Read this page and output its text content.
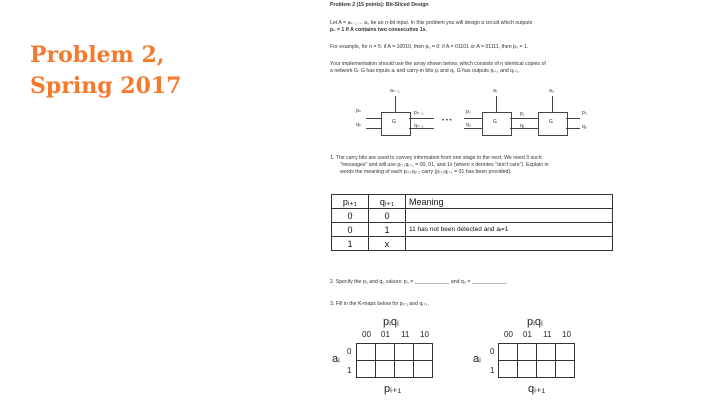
Problem 2,
Spring 2017
Problem 2 (15 points): Bit-Sliced Design
Let A = aₙ₋₁ ... a₀ be an n-bit input. In this problem you will design a circuit which outputs
p₀ = 1 if A contains two consecutive 1s.
For example, for n = 5: if A = 10010, then p₀ = 0; if A = 01101 or A = 01111, then p₀ = 1.
Your implementation should use the array shown below, which consists of n identical copies of
a network G. G has inputs aᵢ and carry-in bits pᵢ and qᵢ. G has outputs pᵢ₊₁ and qᵢ₊₁.
G	G	G
aₙ₋₁	aᵢ	a₀
pₙ
qₙ
pₙ₋₁
qₙ₋₁
• • •
p₂
q₂
p₁
q₁
p₀
q₀
1. The carry bits are used to convey information from one stage to the next. We need 3 such
"messages" and will use pᵢ₊₁qᵢ₊₁ = 00, 01, and 1x (where x denotes "don't care"). Explain in
words the meaning of each pᵢ₊₁qᵢ₊₁ carry (pᵢ₊₁qᵢ₊₁ = 01 has been provided).
pᵢ₊₁	qᵢ₊₁	Meaning
0	0	
0	1	11 has not been detected and aᵢ=1
1	x	
2. Specify the p₀ and q₀ values: p₀ = ____________ and q₀ = ____________
3. Fill in the K-maps below for pᵢ₊₁ and qᵢ₊₁.
pᵢqᵢ
00 01 11 10
aᵢ
0
1

pᵢ₊₁
pᵢqᵢ
00 01 11 10
aᵢ
0
1

qᵢ₊₁
